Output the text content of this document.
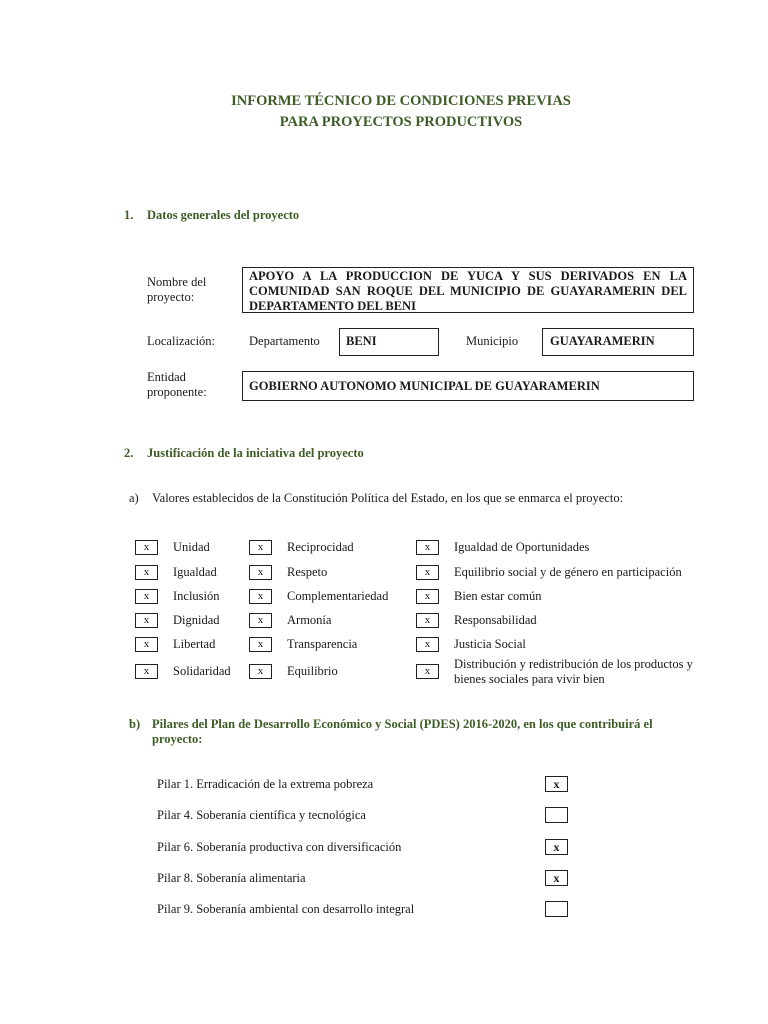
INFORME TÉCNICO DE CONDICIONES PREVIAS
PARA PROYECTOS PRODUCTIVOS
1. Datos generales del proyecto
Nombre del
proyecto:
APOYO A LA PRODUCCION DE YUCA Y SUS DERIVADOS EN LA
COMUNIDAD SAN ROQUE DEL MUNICIPIO DE GUAYARAMERIN DEL
DEPARTAMENTO DEL BENI
Localización:	Departamento BENI	Municipio	GUAYARAMERIN
Entidad
proponente:	GOBIERNO AUTONOMO MUNICIPAL DE GUAYARAMERIN
2. Justificación de la iniciativa del proyecto
a) Valores establecidos de la Constitución Política del Estado, en los que se enmarca el proyecto:
x	Unidad	x	Reciprocidad	x	Igualdad de Oportunidades
x	Igualdad	x	Respeto	x	Equilibrio social y de género en participación
x	Inclusión	x	Complementariedad	x	Bien estar común
x	Dignidad	x	Armonía	x	Responsabilidad
x	Libertad	x	Transparencia	x	Justicia Social
x	Solidaridad	x	Equilibrio	x	Distribución y redistribución de los productos y
bienes sociales para vivir bien
b) Pilares del Plan de Desarrollo Económico y Social (PDES) 2016-2020, en los que contribuirá el
proyecto:
Pilar 1. Erradicación de la extrema pobreza	x
Pilar 4. Soberanía científica y tecnológica
Pilar 6. Soberanía productiva con diversificación	x
Pilar 8. Soberanía alimentaria	x
Pilar 9. Soberanía ambiental con desarrollo integral
